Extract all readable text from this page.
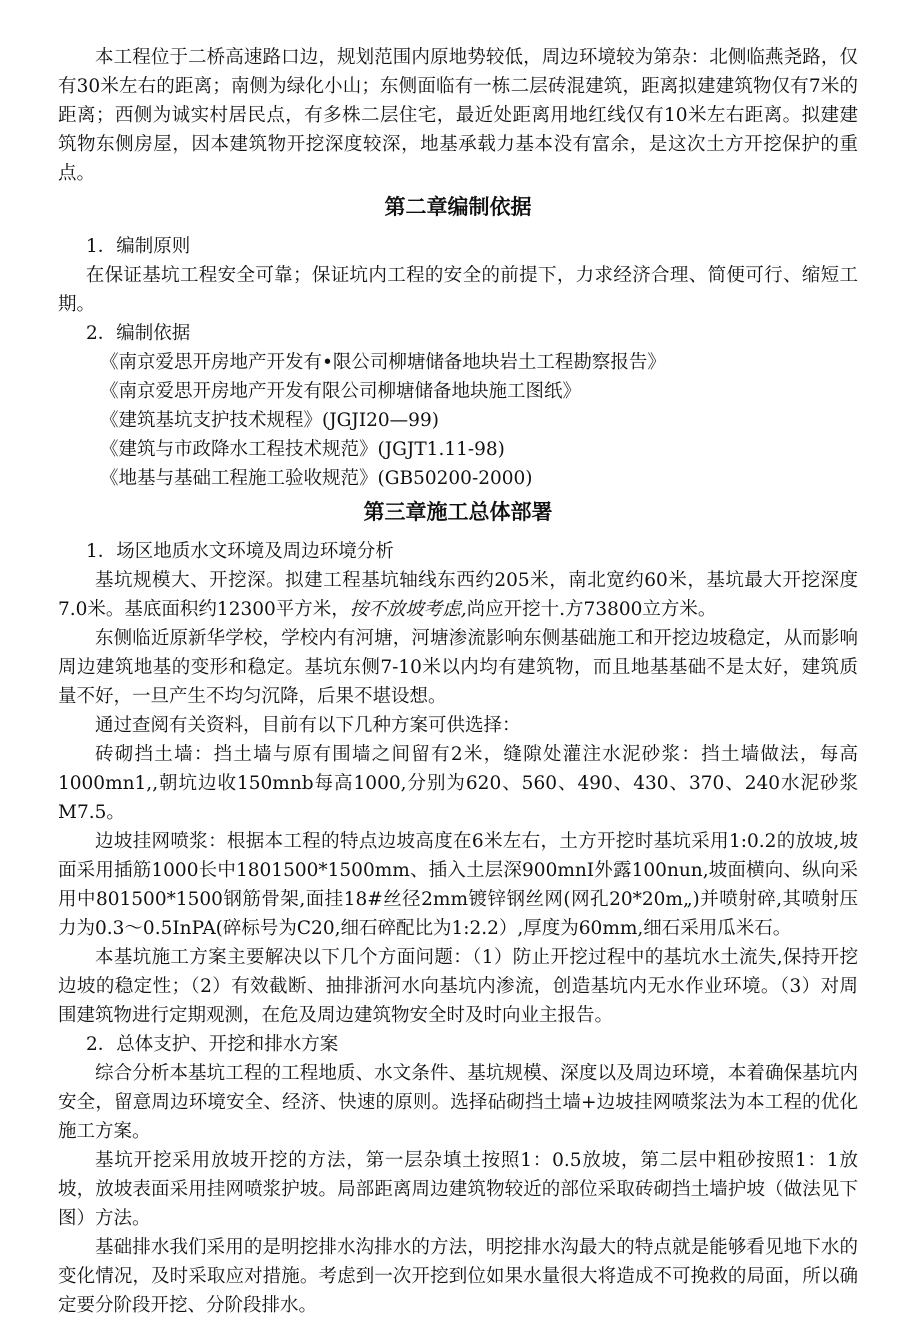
本工程位于二桥高速路口边，规划范围内原地势较低，周边环境较为第杂：北侧临燕尧路，仅有30米左右的距离；南侧为绿化小山；东侧面临有一栋二层砖混建筑，距离拟建建筑物仅有7米的距离；西侧为诚实村居民点，有多株二层住宅，最近处距离用地红线仅有10米左右距离。拟建建筑物东侧房屋，因本建筑物开挖深度较深，地基承载力基本没有富余，是这次土方开挖保护的重点。

第二章编制依据

1．编制原则

在保证基坑工程安全可靠；保证坑内工程的安全的前提下，力求经济合理、简便可行、缩短工期。

2．编制依据

《南京爱思开房地产开发有•限公司柳塘储备地块岩土工程勘察报告》

《南京爱思开房地产开发有限公司柳塘储备地块施工图纸》

《建筑基坑支护技术规程》(JGJI20—99)

《建筑与市政降水工程技术规范》(JGJT1.11-98)

《地基与基础工程施工验收规范》(GB50200-2000)

第三章施工总体部署

1．场区地质水文环境及周边环境分析

基坑规模大、开挖深。拟建工程基坑轴线东西约205米，南北宽约60米，基坑最大开挖深度7.0米。基底面积约12300平方米，按不放坡考虑,尚应开挖十.方73800立方米。

东侧临近原新华学校，学校内有河塘，河塘渗流影响东侧基础施工和开挖边坡稳定，从而影响周边建筑地基的变形和稳定。基坑东侧7-10米以内均有建筑物，而且地基基础不是太好，建筑质量不好，一旦产生不均匀沉降，后果不堪设想。

通过查阅有关资料，目前有以下几种方案可供选择：

砖砌挡土墙：挡土墙与原有围墙之间留有2米，缝隙处灌注水泥砂浆：挡土墙做法，每高1000mn1,,朝坑边收150mnb每高1000,分别为620、560、490、430、370、240水泥砂浆M7.5。

边坡挂网喷浆：根据本工程的特点边坡高度在6米左右，土方开挖时基坑采用1:0.2的放坡,坡面采用插筋1000长中1801500*1500mm、插入土层深900mnI外露100nun,坡面横向、纵向采用中801500*1500钢筋骨架,面挂18#丝径2mm镀锌钢丝网(网孔20*20m„)并喷射碎,其喷射压力为0.3～0.5InPA(碎标号为C20,细石碎配比为1:2.2）,厚度为60mm,细石采用瓜米石。

本基坑施工方案主要解决以下几个方面问题：（1）防止开挖过程中的基坑水土流失,保持开挖边坡的稳定性；（2）有效截断、抽排浙河水向基坑内渗流，创造基坑内无水作业环境。（3）对周围建筑物进行定期观测，在危及周边建筑物安全时及时向业主报告。

2．总体支护、开挖和排水方案

综合分析本基坑工程的工程地质、水文条件、基坑规模、深度以及周边环境，本着确保基坑内安全，留意周边环境安全、经济、快速的原则。选择砧砌挡土墙+边坡挂网喷浆法为本工程的优化施工方案。

基坑开挖采用放坡开挖的方法，第一层杂填土按照1：0.5放坡，第二层中粗砂按照1：1放坡，放坡表面采用挂网喷浆护坡。局部距离周边建筑物较近的部位采取砖砌挡土墙护坡（做法见下图）方法。

基础排水我们采用的是明挖排水沟排水的方法，明挖排水沟最大的特点就是能够看见地下水的变化情况，及时采取应对措施。考虑到一次开挖到位如果水量很大将造成不可挽救的局面，所以确定要分阶段开挖、分阶段排水。
